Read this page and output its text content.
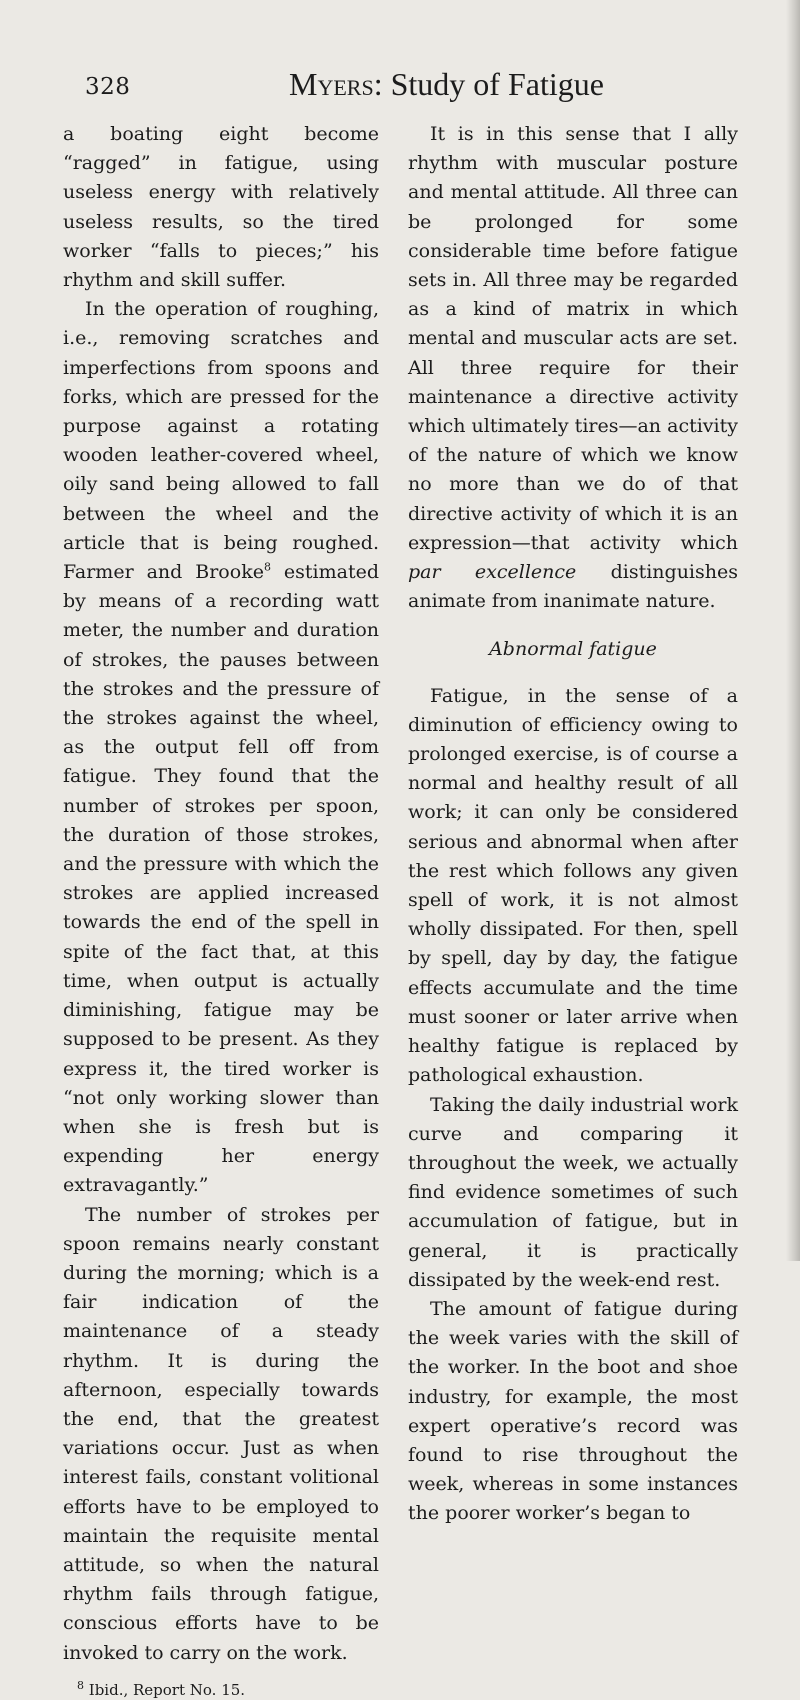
328	Myers: Study of Fatigue

a boating eight become “ragged” in fatigue, using useless energy with relatively useless results, so the tired worker “falls to pieces;” his rhythm and skill suffer.

In the operation of roughing, i.e., removing scratches and imperfections from spoons and forks, which are pressed for the purpose against a rotating wooden leather-covered wheel, oily sand being allowed to fall between the wheel and the article that is being roughed. Farmer and Brooke$^8$ estimated by means of a recording watt meter, the number and duration of strokes, the pauses between the strokes and the pressure of the strokes against the wheel, as the output fell off from fatigue. They found that the number of strokes per spoon, the duration of those strokes, and the pressure with which the strokes are applied increased towards the end of the spell in spite of the fact that, at this time, when output is actually diminishing, fatigue may be supposed to be present. As they express it, the tired worker is “not only working slower than when she is fresh but is expending her energy extravagantly.”

The number of strokes per spoon remains nearly constant during the morning; which is a fair indication of the maintenance of a steady rhythm. It is during the afternoon, especially towards the end, that the greatest variations occur. Just as when interest fails, constant volitional efforts have to be employed to maintain the requisite mental attitude, so when the natural rhythm fails through fatigue, conscious efforts have to be invoked to carry on the work.

$^8$ Ibid., Report No. 15.

It is in this sense that I ally rhythm with muscular posture and mental attitude. All three can be prolonged for some considerable time before fatigue sets in. All three may be regarded as a kind of matrix in which mental and muscular acts are set. All three require for their maintenance a directive activity which ultimately tires—an activity of the nature of which we know no more than we do of that directive activity of which it is an expression—that activity which par excellence distinguishes animate from inanimate nature.

Abnormal fatigue

Fatigue, in the sense of a diminution of efficiency owing to prolonged exercise, is of course a normal and healthy result of all work; it can only be considered serious and abnormal when after the rest which follows any given spell of work, it is not almost wholly dissipated. For then, spell by spell, day by day, the fatigue effects accumulate and the time must sooner or later arrive when healthy fatigue is replaced by pathological exhaustion.

Taking the daily industrial work curve and comparing it throughout the week, we actually find evidence sometimes of such accumulation of fatigue, but in general, it is practically dissipated by the week-end rest.

The amount of fatigue during the week varies with the skill of the worker. In the boot and shoe industry, for example, the most expert operative’s record was found to rise throughout the week, whereas in some instances the poorer worker’s began to
